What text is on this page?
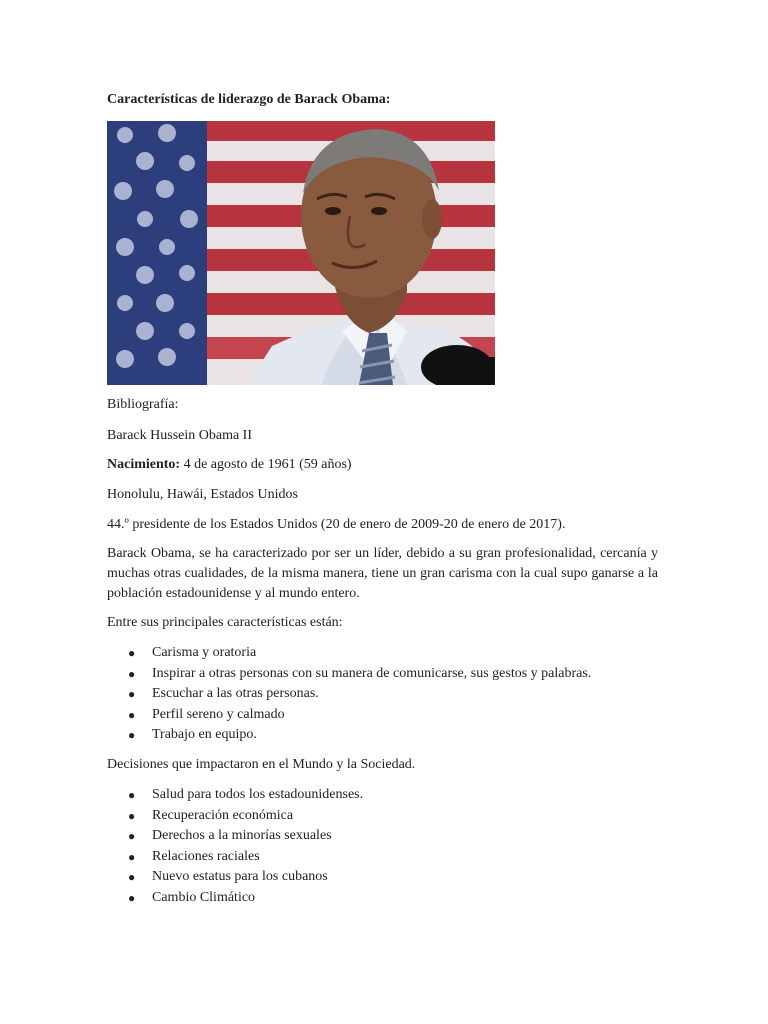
Características de liderazgo de Barack Obama:
Bibliografía:
Barack Hussein Obama II
Nacimiento: 4 de agosto de 1961 (59 años)
Honolulu, Hawái, Estados Unidos
44.º presidente de los Estados Unidos (20 de enero de 2009-20 de enero de 2017).
Barack Obama, se ha caracterizado por ser un líder, debido a su gran profesionalidad, cercanía y muchas otras cualidades, de la misma manera, tiene un gran carisma con la cual supo ganarse a la población estadounidense y al mundo entero.
Entre sus principales características están:
● Carisma y oratoria
● Inspirar a otras personas con su manera de comunicarse, sus gestos y palabras.
● Escuchar a las otras personas.
● Perfil sereno y calmado
● Trabajo en equipo.
Decisiones que impactaron en el Mundo y la Sociedad.
● Salud para todos los estadounidenses.
● Recuperación económica
● Derechos a la minorías sexuales
● Relaciones raciales
● Nuevo estatus para los cubanos
● Cambio Climático
